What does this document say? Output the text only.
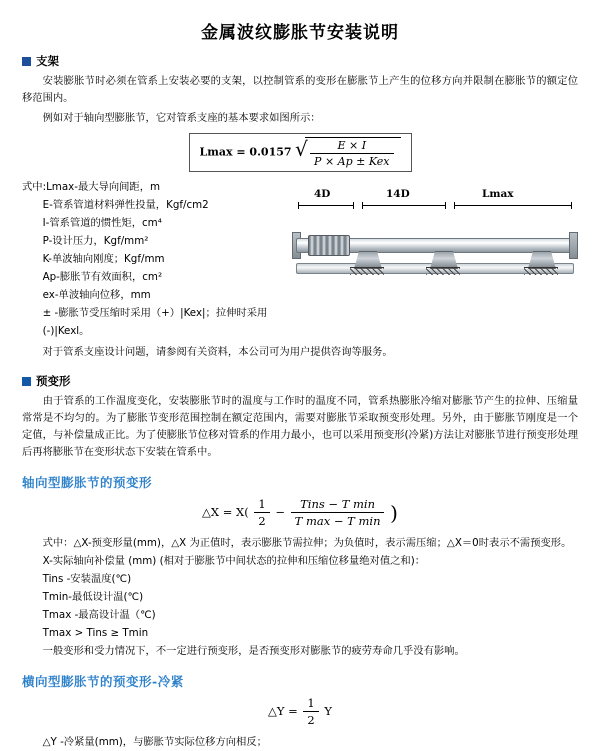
金属波纹膨胀节安装说明
支架

安装膨胀节时必须在管系上安装必要的支架，以控制管系的变形在膨胀节上产生的位移方向并限制在膨胀节的额定位移范围内。

例如对于轴向型膨胀节，它对管系支座的基本要求如图所示：

Lmax = 0.0157 √ $\frac{E \times I}{\text{P × Ap ± Kex}}$
4D	14D	Lmax
式中:Lmax-最大导向间距，m
E-管系管道材料弹性投量，Kgf/cm2
I-管系管道的惯性矩，cm⁴
P-设计压力，Kgf/mm²
K-单波轴向刚度；Kgf/mm
Ap-膨胀节有效面积，cm²
ex-单波轴向位移，mm
± -膨胀节受压缩时采用（+）|Kex|；拉伸时采用(-)|Kexl。

对于管系支座设计问题，请参阅有关资料，本公司可为用户提供咨询等服务。

预变形

由于管系的工作温度变化，安装膨胀节时的温度与工作时的温度不同，管系热膨胀冷缩对膨胀节产生的拉伸、压缩量常常是不均匀的。为了膨胀节变形范围控制在额定范围内，需要对膨胀节采取预变形处理。另外，由于膨胀节刚度是一个定值，与补偿量成正比。为了使膨胀节位移对管系的作用力最小，也可以采用预变形(冷紧)方法让对膨胀节进行预变形处理后再将膨胀节在变形状态下安装在管系中。

轴向型膨胀节的预变形
△X = $X( \frac{1}{2} - \frac{\text{Tins − T min}}{\text{T max − T min}}$ )
式中：△X-预变形量(mm)，△X 为正值时，表示膨胀节需拉伸；为负值时，表示需压缩；△X＝0时表示不需预变形。
X-实际轴向补偿量 (mm) (相对于膨胀节中间状态的拉伸和压缩位移量绝对值之和)：
Tins -安装温度(℃)
Tmin-最低设计温(℃)
Tmax -最高设计温（℃)
Tmax > Tins ≥ Tmin
一般变形和受力情况下，不一定进行预变形，是否预变形对膨胀节的疲劳寿命几乎没有影响。
横向型膨胀节的预变形-冷紧
△Y = $\frac{1}{2}$ Y
△Y -冷紧量(mm)，与膨胀节实际位移方向相反；
